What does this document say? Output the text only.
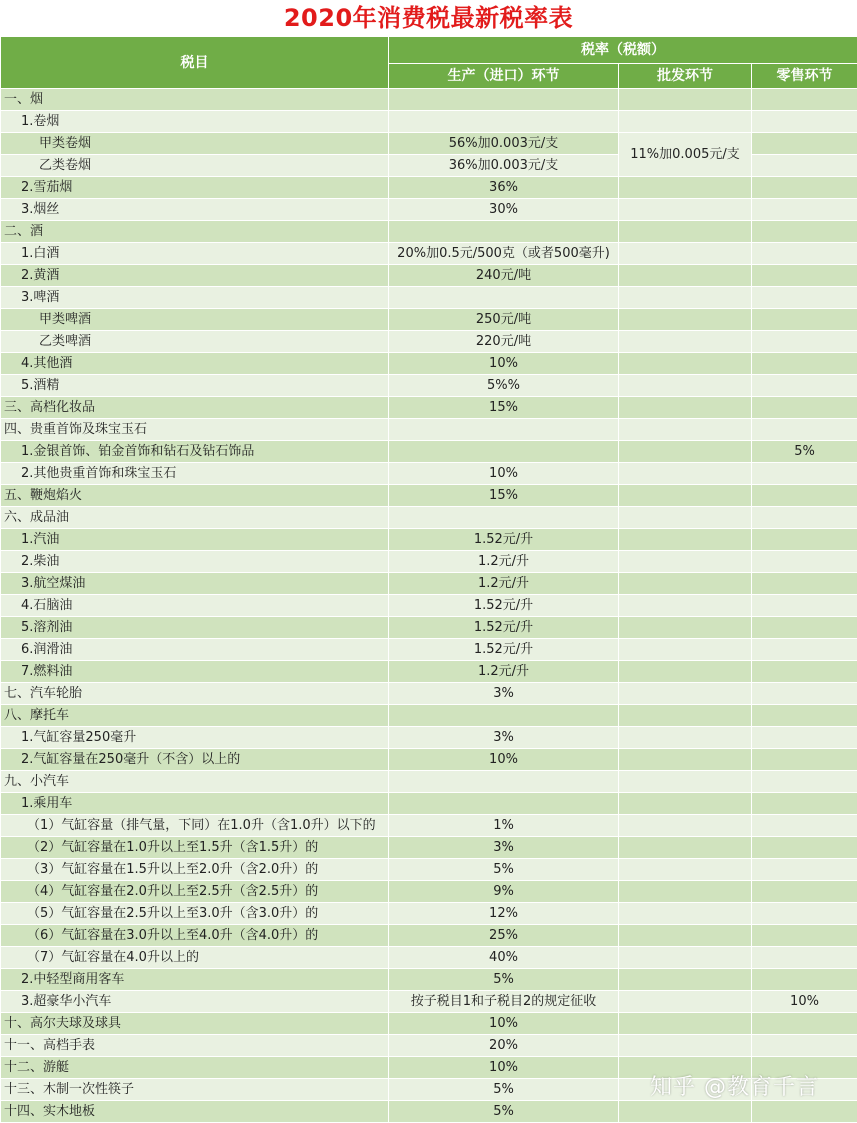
2020年消费税最新税率表
税目	税率（税额）		
	生产（进口）环节	批发环节	零售环节
一、烟			
1.卷烟			
甲类卷烟	56%加0.003元/支	11%加0.005元/支	
乙类卷烟	36%加0.003元/支		
2.雪茄烟	36%		
3.烟丝	30%		
二、酒			
1.白酒	20%加0.5元/500克（或者500毫升)		
2.黄酒	240元/吨		
3.啤酒			
甲类啤酒	250元/吨		
乙类啤酒	220元/吨		
4.其他酒	10%		
5.酒精	5%%		
三、高档化妆品	15%		
四、贵重首饰及珠宝玉石			
1.金银首饰、铂金首饰和钻石及钻石饰品			5%
2.其他贵重首饰和珠宝玉石	10%		
五、鞭炮焰火	15%		
六、成品油			
1.汽油	1.52元/升		
2.柴油	1.2元/升		
3.航空煤油	1.2元/升		
4.石脑油	1.52元/升		
5.溶剂油	1.52元/升		
6.润滑油	1.52元/升		
7.燃料油	1.2元/升		
七、汽车轮胎	3%		
八、摩托车			
1.气缸容量250毫升	3%		
2.气缸容量在250毫升（不含）以上的	10%		
九、小汽车			
1.乘用车			
（1）气缸容量（排气量，下同）在1.0升（含1.0升）以下的	1%		
（2）气缸容量在1.0升以上至1.5升（含1.5升）的	3%		
（3）气缸容量在1.5升以上至2.0升（含2.0升）的	5%		
（4）气缸容量在2.0升以上至2.5升（含2.5升）的	9%		
（5）气缸容量在2.5升以上至3.0升（含3.0升）的	12%		
（6）气缸容量在3.0升以上至4.0升（含4.0升）的	25%		
（7）气缸容量在4.0升以上的	40%		
2.中轻型商用客车	5%		
3.超豪华小汽车	按子税目1和子税目2的规定征收		10%
十、高尔夫球及球具	10%		
十一、高档手表	20%		
十二、游艇	10%		
十三、木制一次性筷子	5%		
十四、实木地板	5%		
知乎 @教育千言
